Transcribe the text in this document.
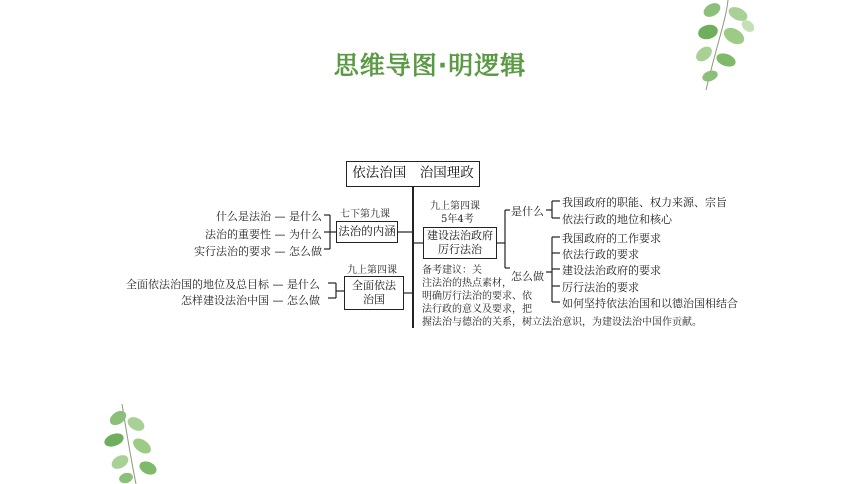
思维导图·明逻辑
依法治国　治国理政
七下第九课
法治的内涵
什么是法治 — 是什么
法治的重要性 — 为什么
实行法治的要求 — 怎么做
九上第四课
全面依法
治国
全面依法治国的地位及总目标 — 是什么
怎样建设法治中国 — 怎么做
九上第四课
5年4考
建设法治政府
厉行法治
是什么
我国政府的职能、权力来源、宗旨
依法行政的地位和核心
怎么做
我国政府的工作要求
依法行政的要求
建设法治政府的要求
厉行法治的要求
如何坚持依法治国和以德治国相结合
备考建议：关
注法治的热点素材，
明确厉行法治的要求、依
法行政的意义及要求，把
握法治与德治的关系，树立法治意识，为建设法治中国作贡献。
